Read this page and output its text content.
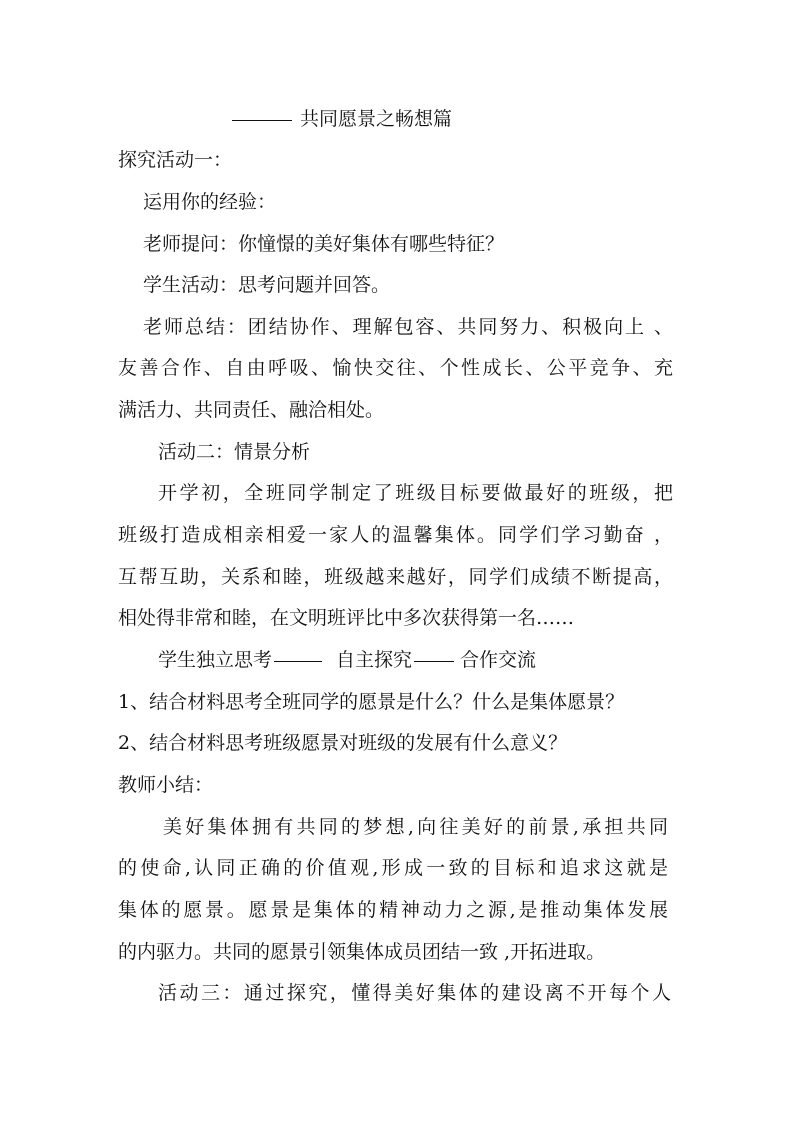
共同愿景之畅想篇
探究活动一：
运用你的经验：
老师提问：你憧憬的美好集体有哪些特征？
学生活动：思考问题并回答。
老师总结：团结协作、理解包容、共同努力、积极向上 、
友善合作、自由呼吸、愉快交往、个性成长、公平竞争、充
满活力、共同责任、融洽相处。
活动二：情景分析
开学初，全班同学制定了班级目标要做最好的班级，把
班级打造成相亲相爱一家人的温馨集体。同学们学习勤奋 ，
互帮互助，关系和睦，班级越来越好，同学们成绩不断提高，
相处得非常和睦，在文明班评比中多次获得第一名……
学生独立思考	自主探究	合作交流
1、结合材料思考全班同学的愿景是什么？什么是集体愿景？
2、结合材料思考班级愿景对班级的发展有什么意义？
教师小结：
美好集体拥有共同的梦想,向往美好的前景,承担共同
的使命,认同正确的价值观,形成一致的目标和追求这就是
集体的愿景。愿景是集体的精神动力之源,是推动集体发展
的内驱力。共同的愿景引领集体成员团结一致 ,开拓进取。
活动三：通过探究，懂得美好集体的建设离不开每个人
